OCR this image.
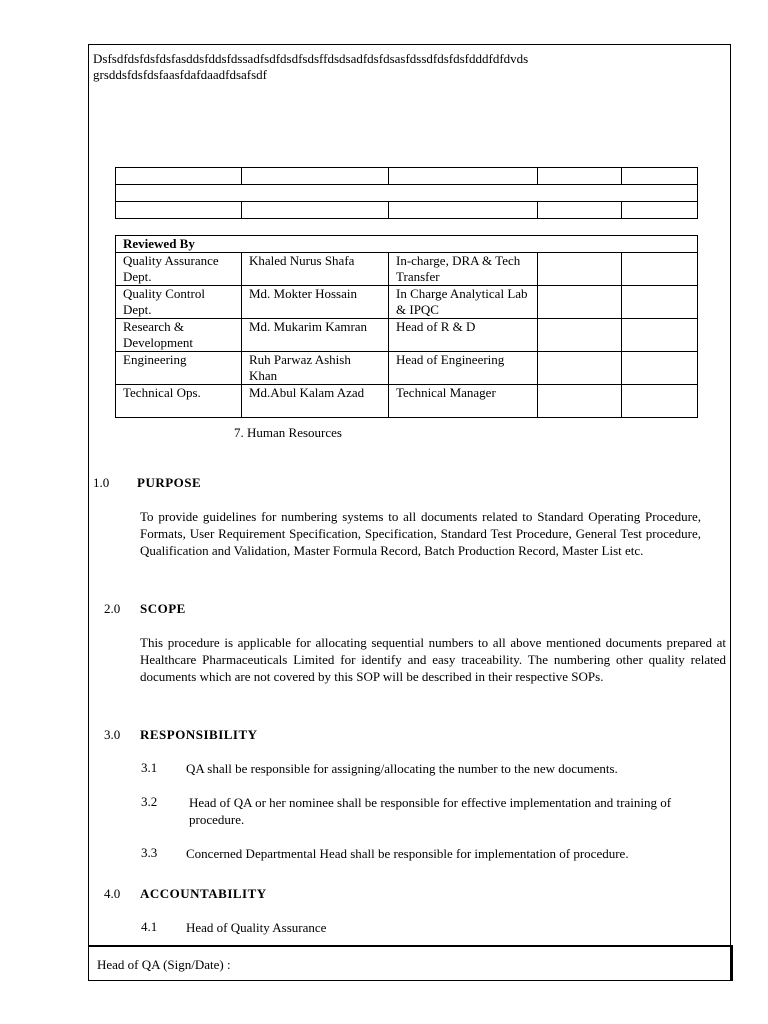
Dsfsdfdsfdsfdsfasddsfddsfdssadfsdfdsdfsdsffdsdsadfdsfdsasfdssdfdsfdsfdddfdfdvds
grsddsfdsfdsfaasfdafdaadfdsafsdf

Reviewed By				
Quality Assurance Dept.	Khaled Nurus Shafa	In-charge, DRA & Tech Transfer		
Quality Control Dept.	Md. Mokter Hossain	In Charge Analytical Lab & IPQC		
Research & Development	Md. Mukarim Kamran	Head of R & D		
Engineering	Ruh Parwaz Ashish Khan	Head of Engineering		
Technical Ops.	Md.Abul Kalam Azad	Technical Manager		
7. Human Resources
1.0 PURPOSE
To provide guidelines for numbering systems to all documents related to Standard Operating Procedure, Formats, User Requirement Specification, Specification, Standard Test Procedure, General Test procedure, Qualification and Validation, Master Formula Record, Batch Production Record, Master List etc.
2.0 SCOPE
This procedure is applicable for allocating sequential numbers to all above mentioned documents prepared at Healthcare Pharmaceuticals Limited for identify and easy traceability. The numbering other quality related documents which are not covered by this SOP will be described in their respective SOPs.
3.0 RESPONSIBILITY
3.1 QA shall be responsible for assigning/allocating the number to the new documents.
3.2 Head of QA or her nominee shall be responsible for effective implementation and training of procedure.
3.3 Concerned Departmental Head shall be responsible for implementation of procedure.
4.0 ACCOUNTABILITY
4.1 Head of Quality Assurance
Head of QA (Sign/Date) :
